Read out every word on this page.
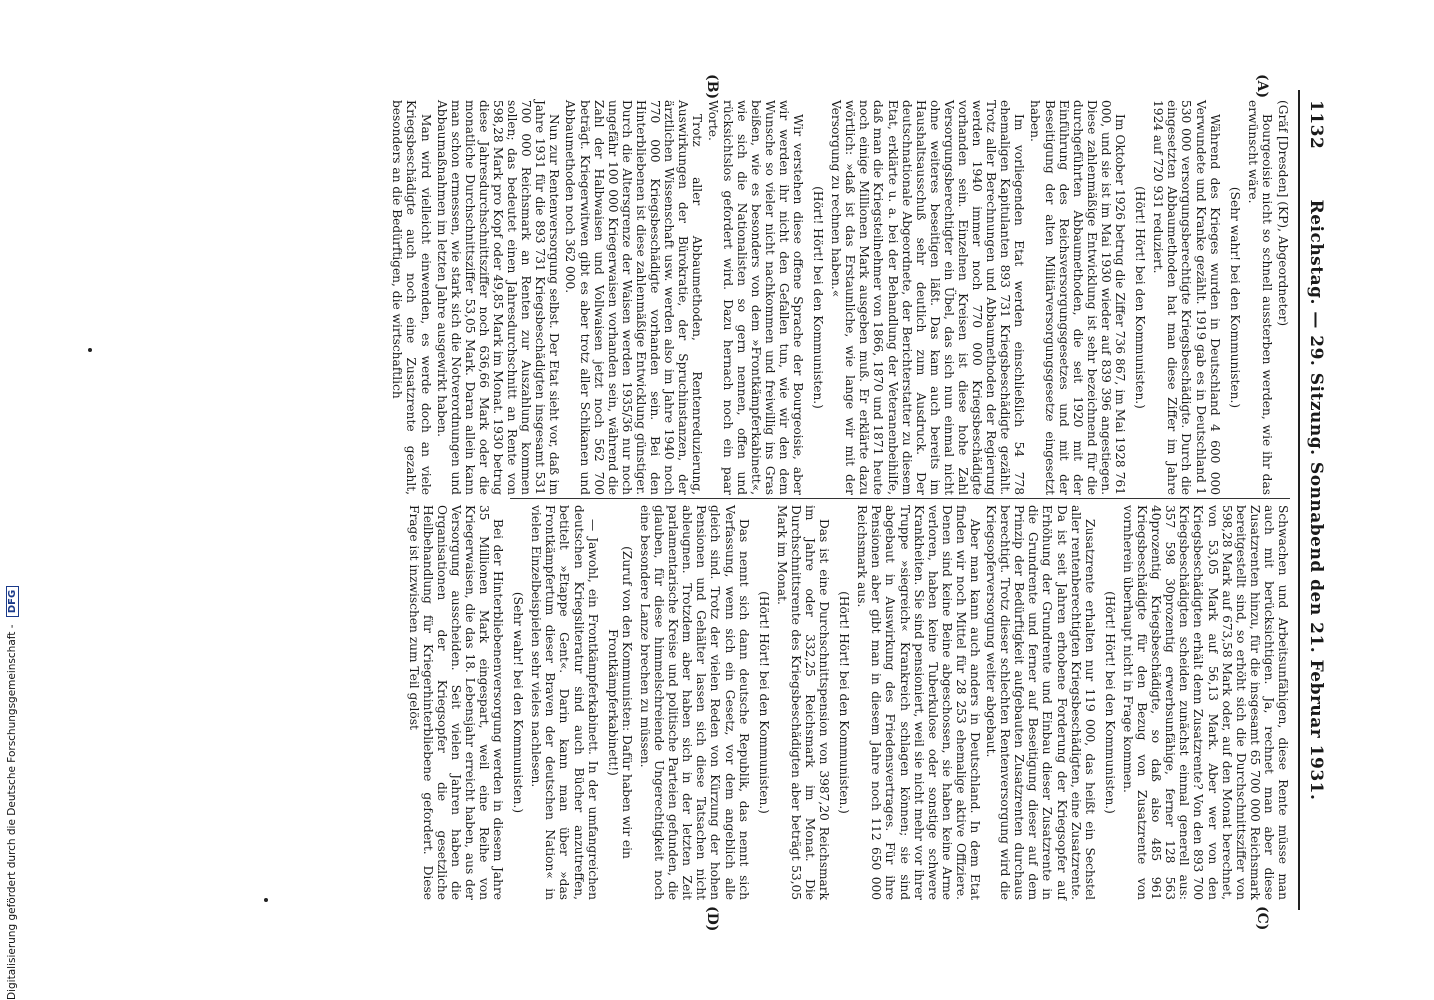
1132
Reichstag. — 29. Sitzung. Sonnabend den 21. Februar 1931.
(A)
(B)
(C)
(D)

(Gräf [Dresden] (KP), Abgeordneter)

Bourgeoisie nicht so schnell aussterben werden, wie ihr das erwünscht wäre.

(Sehr wahr! bei den Kommunisten.)

Während des Krieges wurden in Deutschland 4 600 000 Verwundete und Kranke gezählt. 1919 gab es in Deutschland 1 530 000 versorgungsberechtigte Kriegsbeschädigte. Durch die eingesetzten Abbaumethoden hat man diese Ziffer im Jahre 1924 auf 720 931 reduziert.

(Hört! Hört! bei den Kommunisten.)

Im Oktober 1926 betrug die Ziffer 736 867, im Mai 1928 761 000, und sie ist im Mai 1930 wieder auf 839 396 angestiegen. Diese zahlenmäßige Entwicklung ist sehr bezeichnend für die durchgeführten Abbaumethoden, die seit 1920 mit der Einführung des Reichsversorgungsgesetzes und mit der Beseitigung der alten Militärversorgungsgesetze eingesetzt haben.

Im vorliegenden Etat werden einschließlich 54 778 ehemaligen Kapitulanten 893 731 Kriegsbeschädigte gezählt. Trotz aller Berechnungen und Abbaumethoden der Regierung werden 1940 immer noch 770 000 Kriegsbeschädigte vorhanden sein. Einzelnen Kreisen ist diese hohe Zahl Versorgungsberechtigter ein Übel, das sich nun einmal nicht ohne weiteres beseitigen läßt. Das kam auch bereits im Haushaltsausschuß sehr deutlich zum Ausdruck. Der deutschnationale Abgeordnete, der Berichterstatter zu diesem Etat, erklärte u. a. bei der Behandlung der Veteranenbeihilfe, daß man die Kriegsteilnehmer von 1866, 1870 und 1871 heute noch einige Millionen Mark ausgeben muß. Er erklärte dazu wörtlich: »daß ist das Erstaunliche, wie lange wir mit der Versorgung zu rechnen haben.«

(Hört! Hört! bei den Kommunisten.)

Wir verstehen diese offene Sprache der Bourgeoisie, aber wir werden ihr nicht den Gefallen tun, wie wir den dem Wunsche so vieler nicht nachkommen und freiwillig ins Gras beißen, wie es besonders von dem »Frontkämpferkabinett«, wie sich die Nationalisten so gern nennen, offen und rücksichtslos gefordert wird. Dazu hernach noch ein paar Worte.

Trotz aller Abbaumethoden, Rentenreduzierung, Auswirkungen der Bürokratie, der Spruchinstanzen, der ärztlichen Wissenschaft usw. werden also im Jahre 1940 noch 770 000 Kriegsbeschädigte vorhanden sein. Bei den Hinterbliebenen ist diese zahlenmäßige Entwicklung günstiger. Durch die Altersgrenze der Waisen werden 1935/36 nur noch ungefähr 100 000 Kriegerwaisen vorhanden sein, während die Zahl der Halbwaisen und Vollwaisen jetzt noch 562 700 beträgt. Kriegerwitwen gibt es aber trotz aller Schikanen und Abbaumethoden noch 362 000.

Nun zur Rentenversorgung selbst. Der Etat sieht vor, daß im Jahre 1931 für die 893 731 Kriegsbeschädigten insgesamt 531 700 000 Reichsmark an Renten zur Auszahlung kommen sollen; das bedeutet einen Jahresdurchschnitt an Rente von 598,28 Mark pro Kopf oder 49,85 Mark im Monat. 1930 betrug diese Jahresdurchschnittsziffer noch 636,66 Mark oder die monatliche Durchschnittsziffer 53,05 Mark. Daran allein kann man schon ermessen, wie stark sich die Notverordnungen und Abbaumaßnahmen im letzten Jahre ausgewirkt haben.

Man wird vielleicht einwenden, es werde doch an viele Kriegsbeschädigte auch noch eine Zusatzrente gezahlt, besonders an die Bedürftigen, die wirtschaftlich

Schwachen und Arbeitsunfähigen, diese Rente müsse man auch mit berücksichtigen. Ja, rechnet man aber diese Zusatzrenten hinzu, für die insgesamt 65 700 000 Reichsmark bereitgestellt sind, so erhöht sich die Durchschnittsziffer von 598,28 Mark auf 673,58 Mark oder, auf den Monat berechnet, von 53,05 Mark auf 56,13 Mark. Aber wer von den Kriegsbeschädigten erhält denn Zusatzrente? Von den 893 700 Kriegsbeschädigten scheiden zunächst einmal generell aus: 357 598 30prozentig erwerbsunfähige, ferner 128 563 40prozentig Kriegsbeschädigte, so daß also 485 961 Kriegsbeschädigte für den Bezug von Zusatzrente von vornherein überhaupt nicht in Frage kommen.

(Hört! Hört! bei den Kommunisten.)

Zusatzrente erhalten nur 119 000, das heißt ein Sechstel aller rentenberechtigten Kriegsbeschädigten, eine Zusatzrente. Da ist seit Jahren erhobene Forderung der Kriegsopfer auf Erhöhung der Grundrente und Einbau dieser Zusatzrente in die Grundrente und ferner auf Beseitigung dieser auf dem Prinzip der Bedürftigkeit aufgebauten Zusatzrenten durchaus berechtigt. Trotz dieser schlechten Rentenversorgung wird die Kriegsopferversorgung weiter abgebaut.

Aber man kann auch anders in Deutschland. In dem Etat finden wir noch Mittel für 28 253 ehemalige aktive Offiziere. Denen sind keine Beine abgeschossen, sie haben keine Arme verloren, haben keine Tuberkulose oder sonstige schwere Krankheiten. Sie sind pensioniert, weil sie nicht mehr vor ihrer Truppe »siegreich« Krankreich schlagen können; sie sind abgebaut in Auswirkung des Friedensvertrages. Für ihre Pensionen aber gibt man in diesem Jahre noch 112 650 000 Reichsmark aus.

(Hört! Hört! bei den Kommunisten.)

Das ist eine Durchschnittspension von 3987,20 Reichsmark im Jahre oder 332,25 Reichsmark im Monat. Die Durchschnittsrente des Kriegsbeschädigten aber beträgt 53,05 Mark im Monat.

(Hört! Hört! bei den Kommunisten.)

Das nennt sich dann deutsche Republik, das nennt sich Verfassung, wenn sich ein Gesetz, vor dem angeblich alle gleich sind. Trotz der vielen Reden von Kürzung der hohen Pensionen und Gehälter lassen sich diese Tatsachen nicht ableugnen. Trotzdem aber haben sich in der letzten Zeit parlamentarische Kreise und politische Parteien gefunden, die glauben, für diese himmelschreiende Ungerechtigkeit noch eine besondere Lanze brechen zu müssen.

(Zuruf von den Kommunisten: Dafür haben wir ein Frontkämpferkabinett!)

— Jawohl, ein Frontkämpferkabinett. In der umfangreichen deutschen Kriegsliteratur sind auch Bücher anzutreffen, betitelt »Etappe Gent«. Darin kann man über »das Frontkämpfertum dieser Braven der deutschen Nation« in vielen Einzelbeispielen sehr vieles nachlesen.

(Sehr wahr! bei den Kommunisten.)

Bei der Hinterbliebenenversorgung werden in diesem Jahre 35 Millionen Mark eingespart, weil eine Reihe von Kriegerwaisen, die das 18. Lebensjahr erreicht haben, aus der Versorgung ausscheiden. Seit vielen Jahren haben die Organisationen der Kriegsopfer die gesetzliche Heilbehandlung für Kriegerhinterbliebene gefordert. Diese Frage ist inzwischen zum Teil gelöst

Digitalisierung gefördert durch die Deutsche Forschungsgemeinschaft - DFG
